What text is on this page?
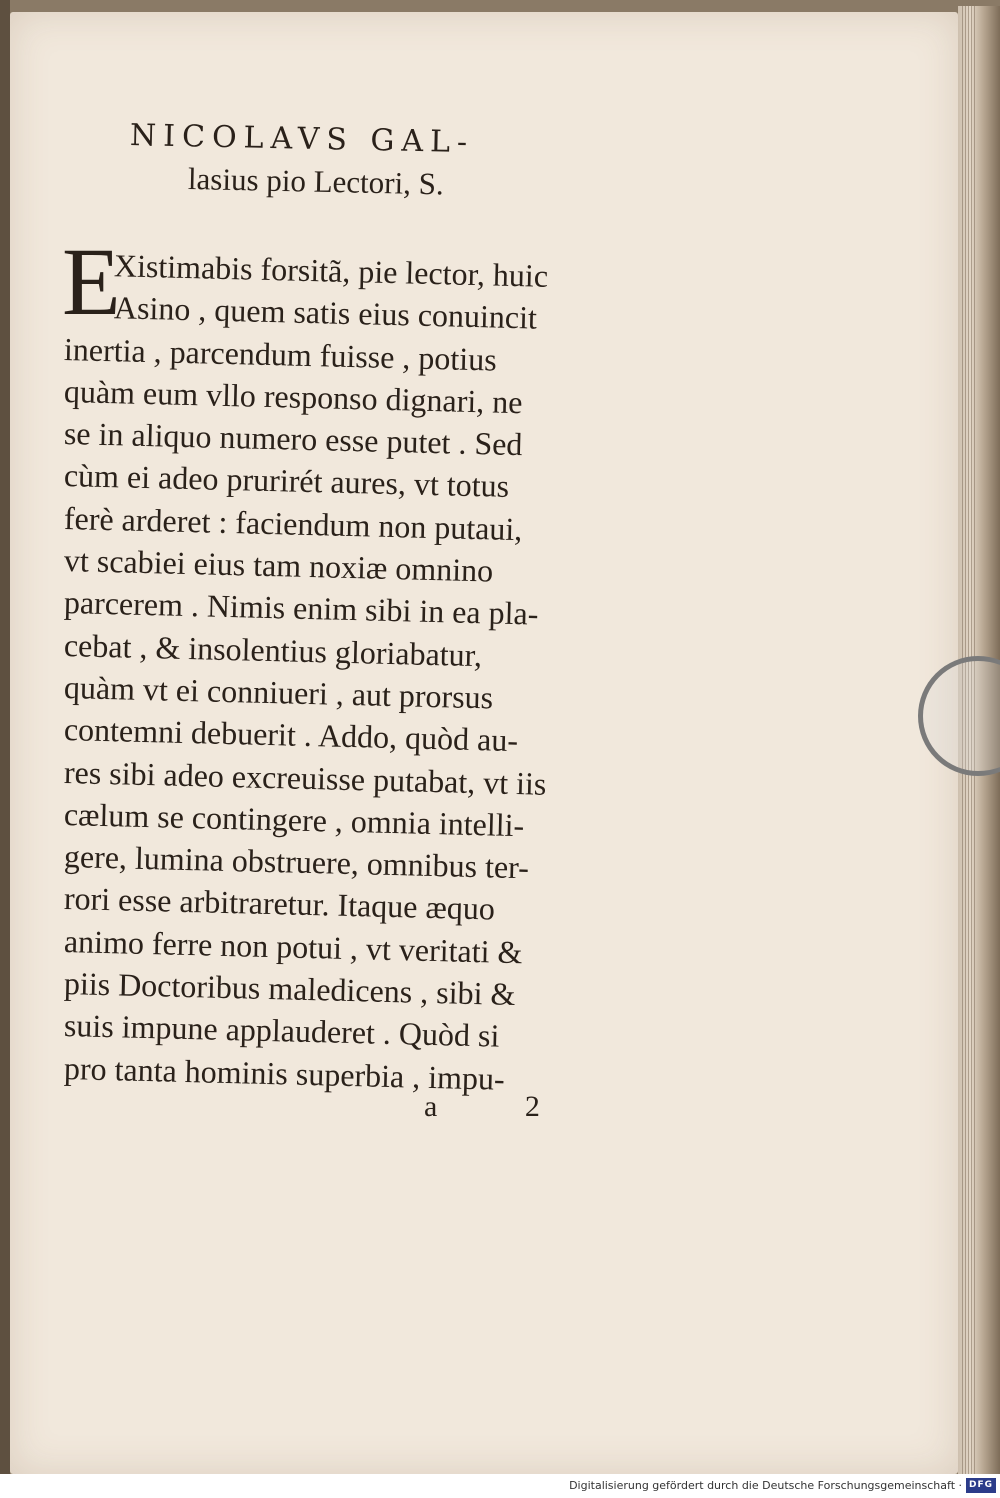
NICOLAVS GAL-
lasius pio Lectori, S.
E
Xistimabis forsitã, pie lector, huic
Asino , quem satis eius conuincit
inertia , parcendum fuisse , potius
quàm eum vllo responso dignari, ne
se in aliquo numero esse putet . Sed
cùm ei adeo prurirét aures, vt totus
ferè arderet : faciendum non putaui,
vt scabiei eius tam noxiæ omnino
parcerem . Nimis enim sibi in ea pla-
cebat , & insolentius gloriabatur,
quàm vt ei conniueri , aut prorsus
contemni debuerit . Addo, quòd au-
res sibi adeo excreuisse putabat, vt iis
cælum se contingere , omnia intelli-
gere, lumina obstruere, omnibus ter-
rori esse arbitraretur. Itaque æquo
animo ferre non potui , vt veritati &
piis Doctoribus maledicens , sibi &
suis impune applauderet . Quòd si
pro tanta hominis superbia , impu-
a 2
Digitalisierung gefördert durch die Deutsche Forschungsgemeinschaft · DFG
